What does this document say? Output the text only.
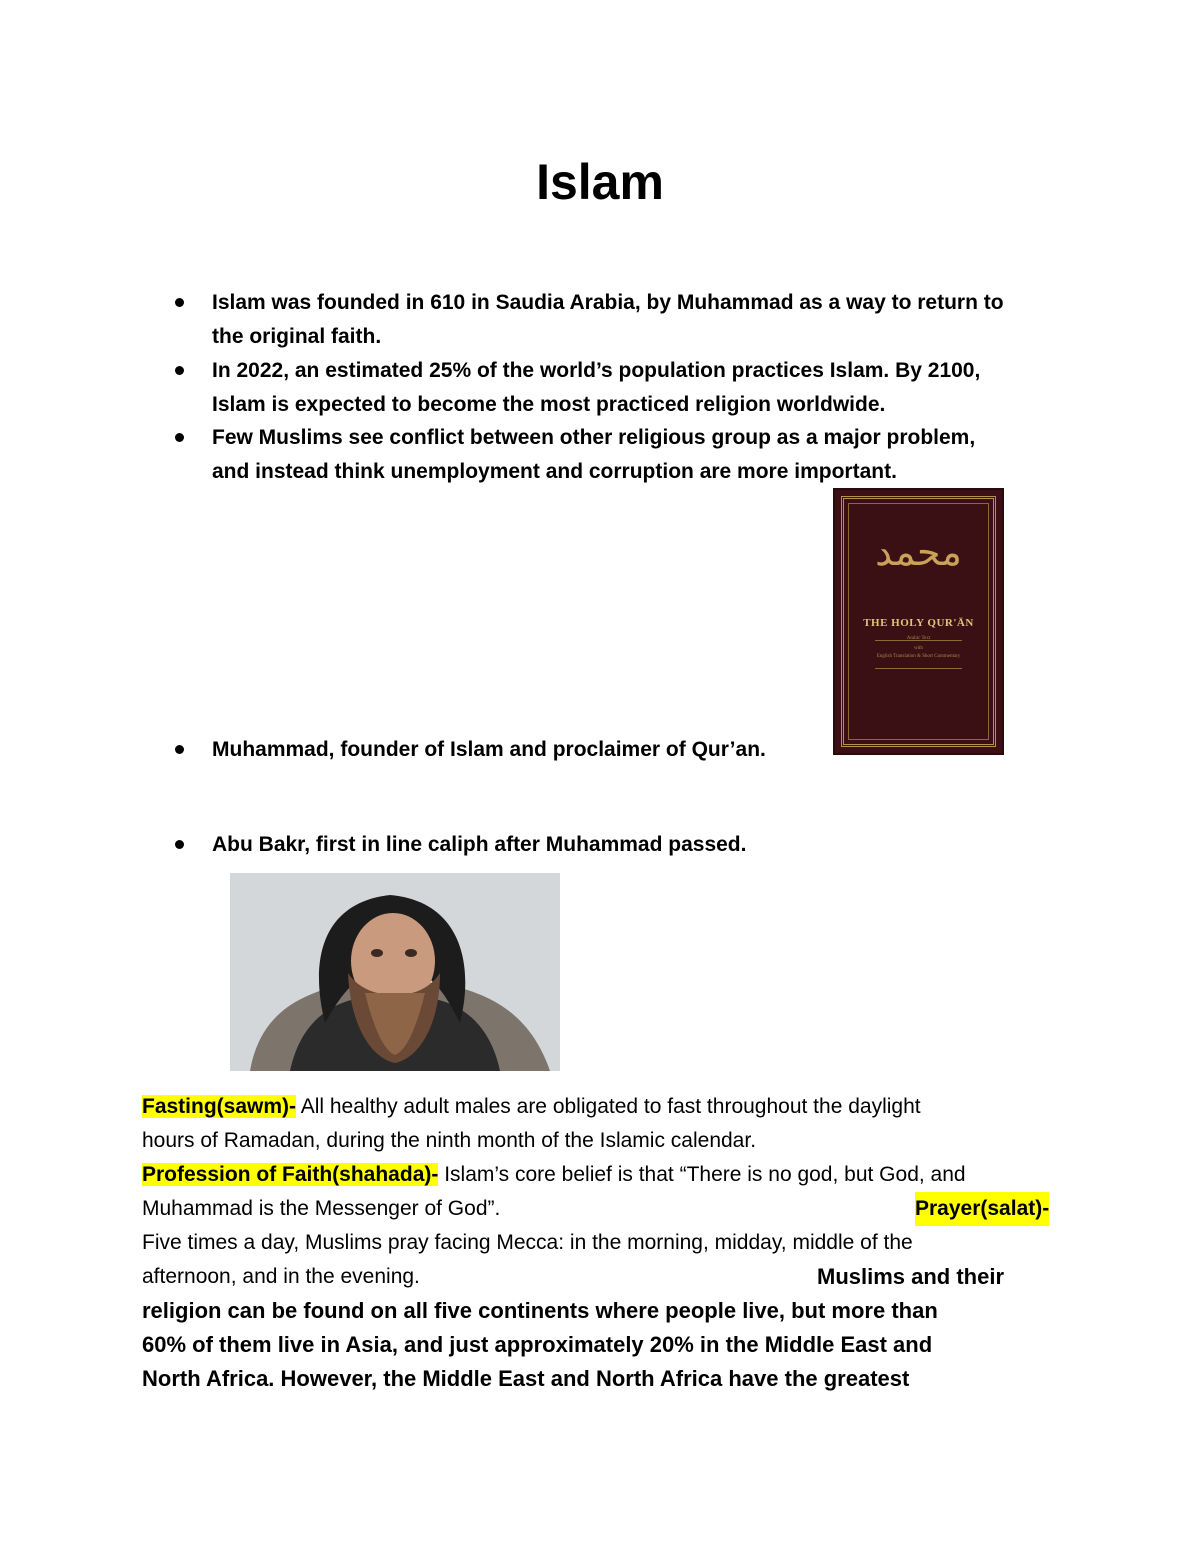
Islam
Islam was founded in 610 in Saudia Arabia, by Muhammad as a way to return to
the original faith.
In 2022, an estimated 25% of the world’s population practices Islam. By 2100,
Islam is expected to become the most practiced religion worldwide.
Few Muslims see conflict between other religious group as a major problem,
and instead think unemployment and corruption are more important.
محمد
THE HOLY QUR'ĀN
Arabic Text
with
English Translation & Short Commentary
Muhammad, founder of Islam and proclaimer of Qur’an.
Abu Bakr, first in line caliph after Muhammad passed.
Fasting(sawm)- All healthy adult males are obligated to fast throughout the daylight
hours of Ramadan, during the ninth month of the Islamic calendar.
Profession of Faith(shahada)- Islam’s core belief is that “There is no god, but God, and
Muhammad is the Messenger of God”.	Prayer(salat)-
Five times a day, Muslims pray facing Mecca: in the morning, midday, middle of the
afternoon, and in the evening.	Muslims and their
religion can be found on all five continents where people live, but more than
60% of them live in Asia, and just approximately 20% in the Middle East and
North Africa. However, the Middle East and North Africa have the greatest
